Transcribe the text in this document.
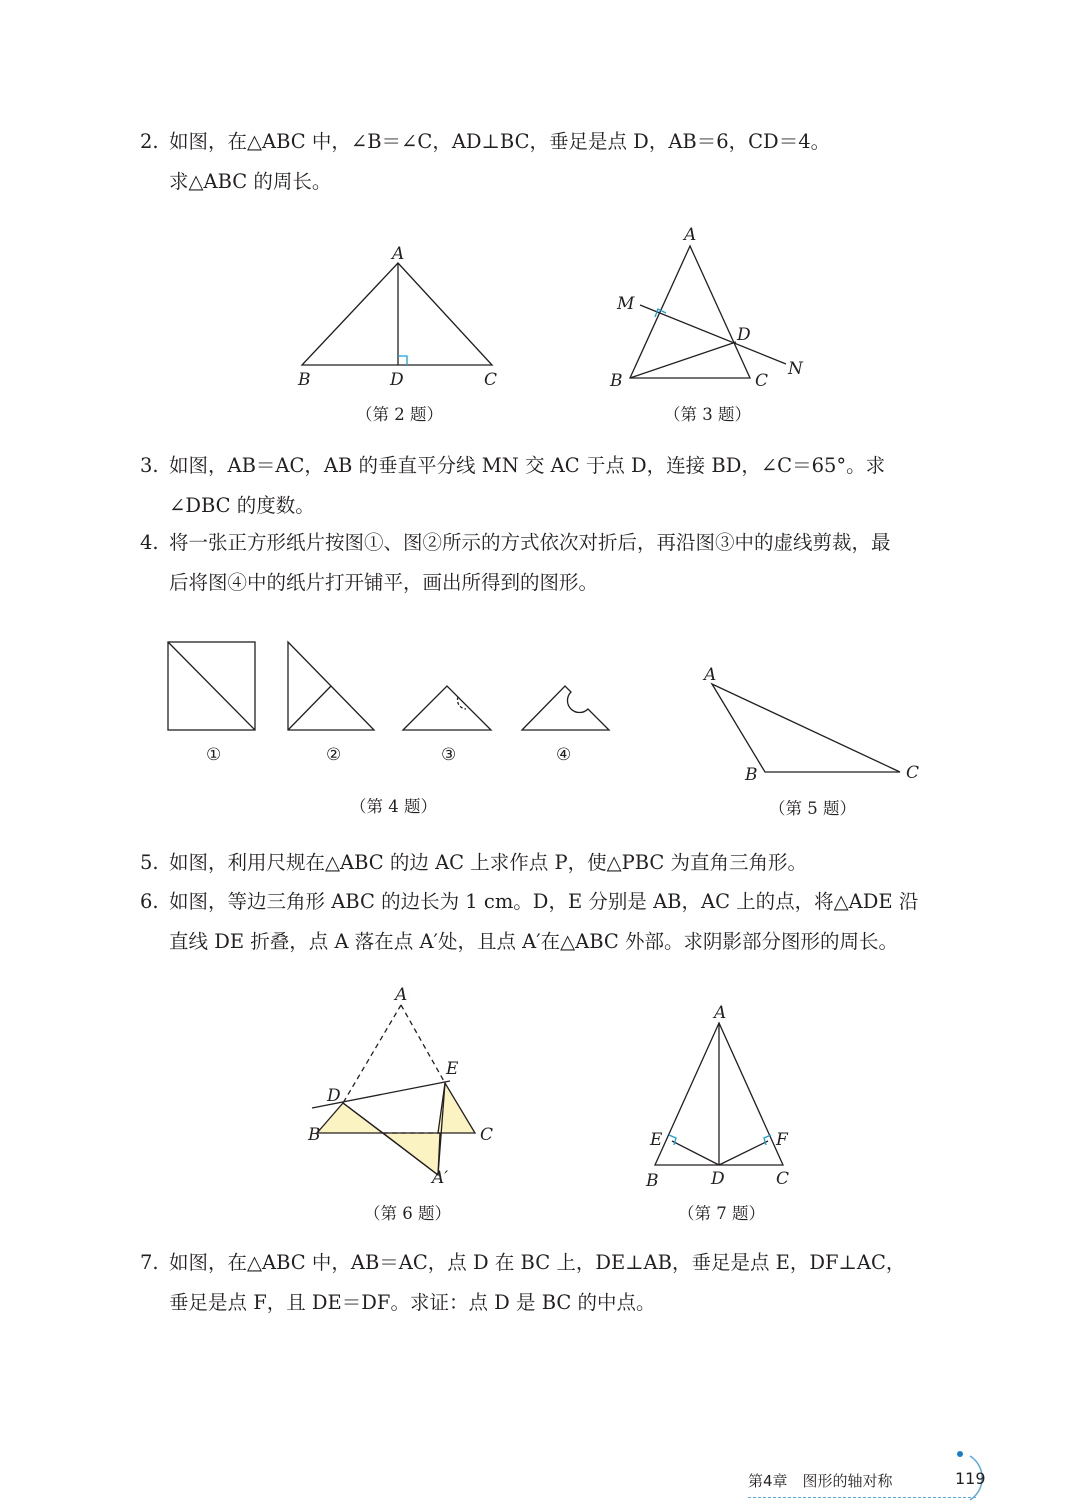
2. 如图，在△ABC 中，∠B＝∠C，AD⊥BC，垂足是点 D，AB＝6，CD＝4。
求△ABC 的周长。
A
B	D	C
（第 2 题）
A
M
D
N
B	C
（第 3 题）
3. 如图，AB＝AC，AB 的垂直平分线 MN 交 AC 于点 D，连接 BD，∠C＝65°。求
∠DBC 的度数。
4. 将一张正方形纸片按图①、图②所示的方式依次对折后，再沿图③中的虚线剪裁，最
后将图④中的纸片打开铺平，画出所得到的图形。
①	②	③	④
（第 4 题）
A
B	C
（第 5 题）
5. 如图，利用尺规在△ABC 的边 AC 上求作点 P，使△PBC 为直角三角形。
6. 如图，等边三角形 ABC 的边长为 1 cm。D，E 分别是 AB，AC 上的点，将△ADE 沿
直线 DE 折叠，点 A 落在点 A′处，且点 A′在△ABC 外部。求阴影部分图形的周长。
A
E
D
B	C
A′
（第 6 题）
A
E	F
B	D	C
（第 7 题）
7. 如图，在△ABC 中，AB＝AC，点 D 在 BC 上，DE⊥AB，垂足是点 E，DF⊥AC，
垂足是点 F，且 DE＝DF。求证：点 D 是 BC 的中点。
第4章　图形的轴对称	119
